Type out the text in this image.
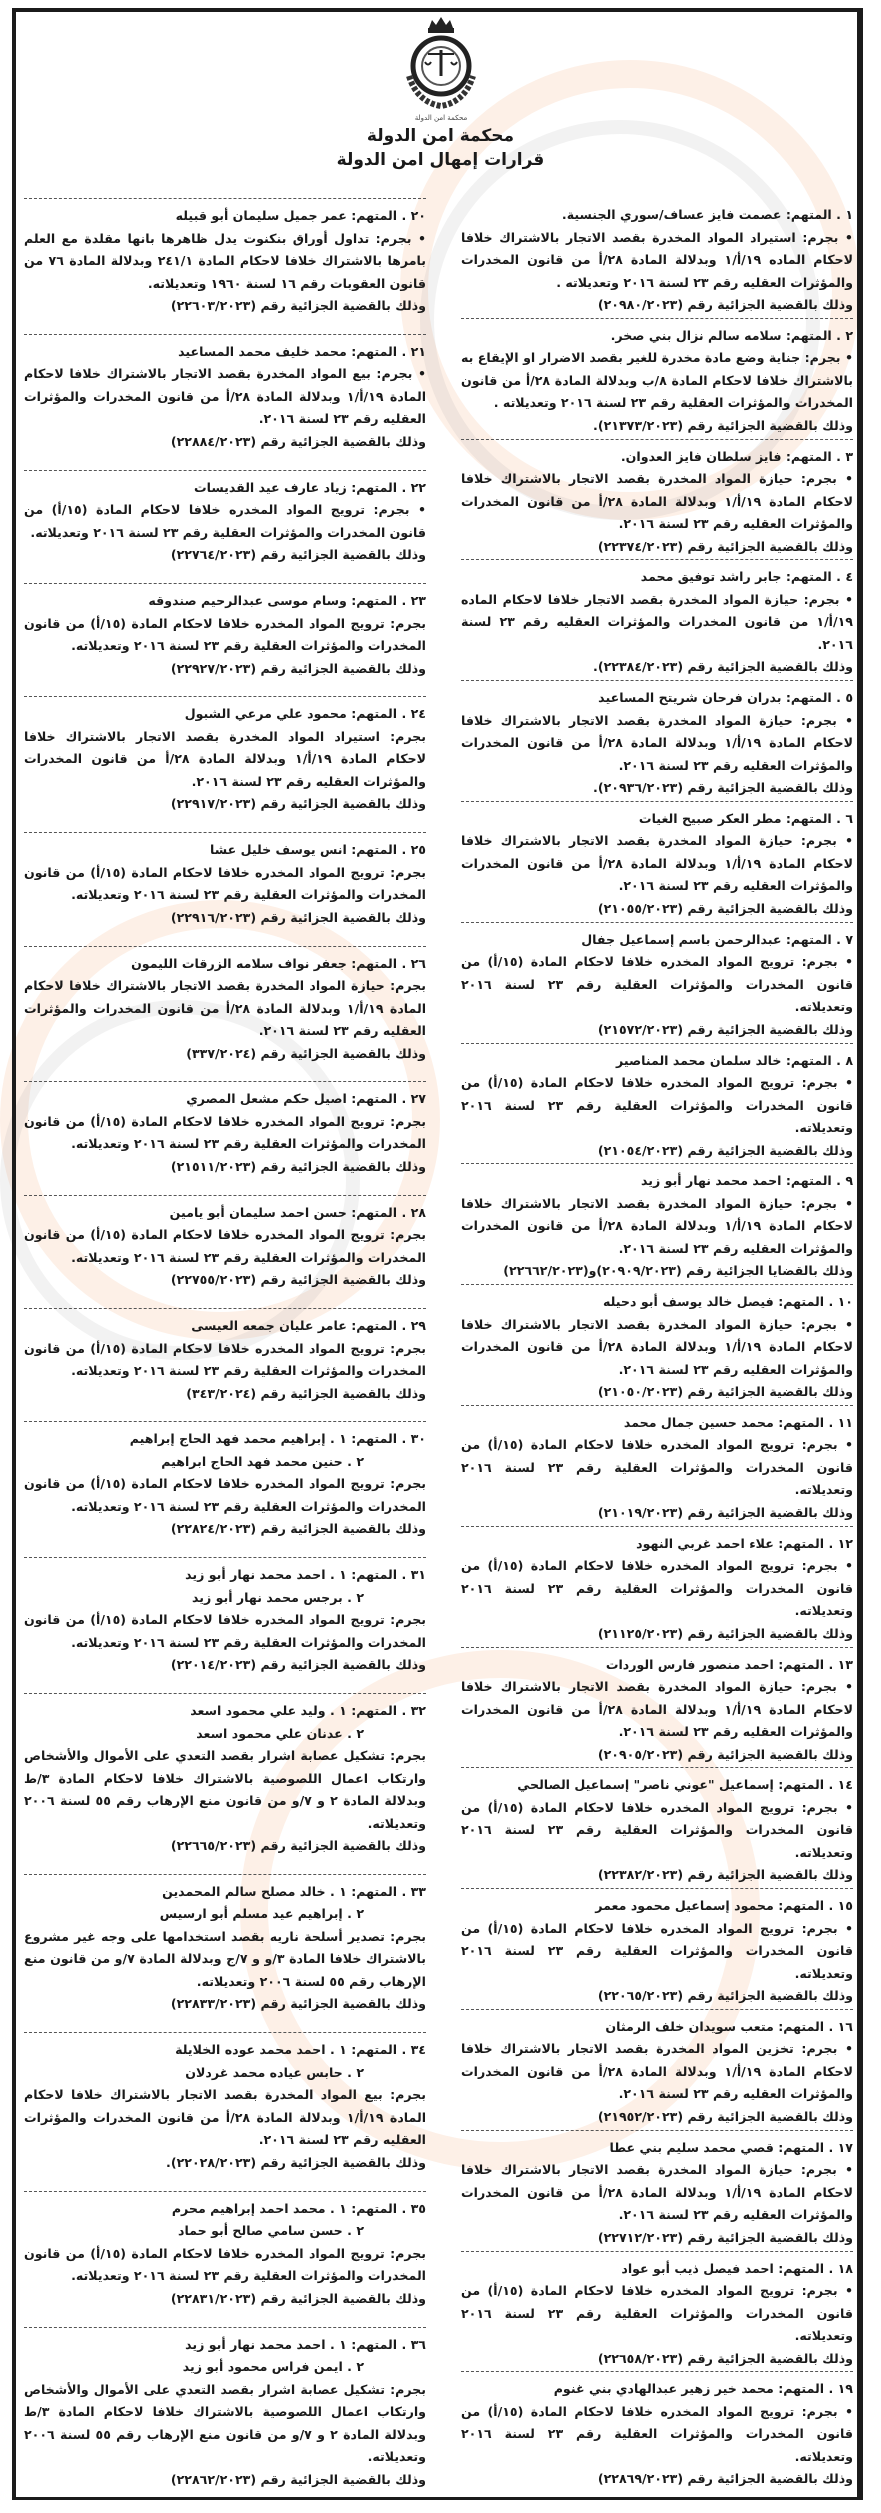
محكمة امن الدولة
محكمة امن الدولة
قرارات إمهال امن الدولة
١ . المتهم: عصمت فايز عساف/سوري الجنسية.
• بجرم: استيراد المواد المخدرة بقصد الاتجار بالاشتراك خلافا لاحكام الماده ١٩/أ/١ وبدلالة المادة ٢٨/أ من قانون المخدرات والمؤثرات العقليه رقم ٢٣ لسنة ٢٠١٦ وتعديلاته .
وذلك بالقضية الجزائية رقم (٢٠٩٨٠/٢٠٢٣)
٢ . المتهم: سلامه سالم نزال بني صخر.
• بجرم: جناية وضع مادة مخدرة للغير بقصد الاضرار او الإيقاع به بالاشتراك خلافا لاحكام المادة ٨/ب وبدلالة المادة ٢٨/أ من قانون المخدرات والمؤثرات العقلية رقم ٢٣ لسنة ٢٠١٦ وتعديلاته .
وذلك بالقضية الجزائية رقم (٢١٣٧٣/٢٠٢٣).
٣ . المتهم: فايز سلطان فايز العدوان.
• بجرم: حيازة المواد المخدرة بقصد الاتجار بالاشتراك خلافا لاحكام المادة ١٩/أ/١ وبدلالة المادة ٢٨/أ من قانون المخدرات والمؤثرات العقليه رقم ٢٣ لسنة ٢٠١٦.
وذلك بالقضية الجزائية رقم (٢٢٣٧٤/٢٠٢٣)
٤ . المتهم: جابر راشد توفيق محمد
• بجرم: حيازة المواد المخدرة بقصد الاتجار خلافا لاحكام الماده ١٩/أ/١ من قانون المخدرات والمؤثرات العقليه رقم ٢٣ لسنة ٢٠١٦.
وذلك بالقضية الجزائية رقم (٢٢٣٨٤/٢٠٢٣).
٥ . المتهم: بدران فرحان شريتح المساعيد
• بجرم: حيازة المواد المخدرة بقصد الاتجار بالاشتراك خلافا لاحكام المادة ١٩/أ/١ وبدلالة المادة ٢٨/أ من قانون المخدرات والمؤثرات العقليه رقم ٢٣ لسنة ٢٠١٦.
وذلك بالقضية الجزائية رقم (٢٠٩٣٦/٢٠٢٣).
٦ . المتهم: مطر العكر صبيح الغيات
• بجرم: حيازة المواد المخدرة بقصد الاتجار بالاشتراك خلافا لاحكام المادة ١٩/أ/١ وبدلالة المادة ٢٨/أ من قانون المخدرات والمؤثرات العقليه رقم ٢٣ لسنة ٢٠١٦.
وذلك بالقضية الجزائية رقم (٢١٠٥٥/٢٠٢٣)
٧ . المتهم: عبدالرحمن باسم إسماعيل جفال
• بجرم: ترويج المواد المخدره خلافا لاحكام المادة (١٥/أ) من قانون المخدرات والمؤثرات العقلية رقم ٢٣ لسنة ٢٠١٦ وتعديلاته.
وذلك بالقضية الجزائية رقم (٢١٥٧٢/٢٠٢٣)
٨ . المتهم: خالد سلمان محمد المناصير
• بجرم: ترويج المواد المخدره خلافا لاحكام المادة (١٥/أ) من قانون المخدرات والمؤثرات العقلية رقم ٢٣ لسنة ٢٠١٦ وتعديلاته.
وذلك بالقضية الجزائية رقم (٢١٠٥٤/٢٠٢٣)
٩ . المتهم: احمد محمد نهار أبو زيد
• بجرم: حيازة المواد المخدرة بقصد الاتجار بالاشتراك خلافا لاحكام المادة ١٩/أ/١ وبدلالة المادة ٢٨/أ من قانون المخدرات والمؤثرات العقليه رقم ٢٣ لسنة ٢٠١٦.
وذلك بالقضايا الجزائية رقم (٢٠٩٠٩/٢٠٢٣)و(٢٢٦٦٢/٢٠٢٣)
١٠ . المتهم: فيصل خالد يوسف أبو دحيله
• بجرم: حيازة المواد المخدرة بقصد الاتجار بالاشتراك خلافا لاحكام المادة ١٩/أ/١ وبدلالة المادة ٢٨/أ من قانون المخدرات والمؤثرات العقليه رقم ٢٣ لسنة ٢٠١٦.
وذلك بالقضية الجزائية رقم (٢١٠٥٠/٢٠٢٣)
١١ . المتهم: محمد حسين جمال محمد
• بجرم: ترويج المواد المخدره خلافا لاحكام المادة (١٥/أ) من قانون المخدرات والمؤثرات العقلية رقم ٢٣ لسنة ٢٠١٦ وتعديلاته.
وذلك بالقضية الجزائية رقم (٢١٠١٩/٢٠٢٣)
١٢ . المتهم: علاء احمد غربي النهود
• بجرم: ترويج المواد المخدره خلافا لاحكام المادة (١٥/أ) من قانون المخدرات والمؤثرات العقلية رقم ٢٣ لسنة ٢٠١٦ وتعديلاته.
وذلك بالقضية الجزائية رقم (٢١١٢٥/٢٠٢٣)
١٣ . المتهم: احمد منصور فارس الوردات
• بجرم: حيازة المواد المخدرة بقصد الاتجار بالاشتراك خلافا لاحكام المادة ١٩/أ/١ وبدلالة المادة ٢٨/أ من قانون المخدرات والمؤثرات العقليه رقم ٢٣ لسنة ٢٠١٦.
وذلك بالقضية الجزائية رقم (٢٠٩٠٥/٢٠٢٣)
١٤ . المتهم: إسماعيل "عوني ناصر" إسماعيل الصالحي
• بجرم: ترويج المواد المخدره خلافا لاحكام المادة (١٥/أ) من قانون المخدرات والمؤثرات العقلية رقم ٢٣ لسنة ٢٠١٦ وتعديلاته.
وذلك بالقضية الجزائية رقم (٢٢٣٨٢/٢٠٢٣)
١٥ . المتهم: محمود إسماعيل محمود معمر
• بجرم: ترويج المواد المخدره خلافا لاحكام المادة (١٥/أ) من قانون المخدرات والمؤثرات العقلية رقم ٢٣ لسنة ٢٠١٦ وتعديلاته.
وذلك بالقضية الجزائية رقم (٢٢٠٦٥/٢٠٢٣)
١٦ . المتهم: متعب سويدان خلف الرمثان
• بجرم: تخزين المواد المخدرة بقصد الاتجار بالاشتراك خلافا لاحكام المادة ١٩/أ/١ وبدلالة المادة ٢٨/أ من قانون المخدرات والمؤثرات العقليه رقم ٢٣ لسنة ٢٠١٦.
وذلك بالقضية الجزائية رقم (٢١٩٥٢/٢٠٢٣)
١٧ . المتهم: قصي محمد سليم بني عطا
• بجرم: حيازة المواد المخدرة بقصد الاتجار بالاشتراك خلافا لاحكام المادة ١٩/أ/١ وبدلالة المادة ٢٨/أ من قانون المخدرات والمؤثرات العقليه رقم ٢٣ لسنة ٢٠١٦.
وذلك بالقضية الجزائية رقم (٢٢٧١٢/٢٠٢٣)
١٨ . المتهم: احمد فيصل ذيب أبو عواد
• بجرم: ترويج المواد المخدره خلافا لاحكام المادة (١٥/أ) من قانون المخدرات والمؤثرات العقلية رقم ٢٣ لسنة ٢٠١٦ وتعديلاته.
وذلك بالقضية الجزائية رقم (٢٢٦٥٨/٢٠٢٣)
١٩ . المتهم: محمد خير زهير عبدالهادي بني غنوم
• بجرم: ترويج المواد المخدره خلافا لاحكام المادة (١٥/أ) من قانون المخدرات والمؤثرات العقلية رقم ٢٣ لسنة ٢٠١٦ وتعديلاته.
وذلك بالقضية الجزائية رقم (٢٢٨٦٩/٢٠٢٣)
٢٠ . المتهم: عمر جميل سليمان أبو قبيله
• بجرم: تداول أوراق بنكنوت يدل ظاهرها بانها مقلدة مع العلم بامرها بالاشتراك خلافا لاحكام المادة ٢٤١/١ وبدلالة المادة ٧٦ من قانون العقوبات رقم ١٦ لسنة ١٩٦٠ وتعديلاته.
وذلك بالقضية الجزائية رقم (٢٢٦٠٣/٢٠٢٣)
٢١ . المتهم: محمد خليف محمد المساعيد
• بجرم: بيع المواد المخدرة بقصد الاتجار بالاشتراك خلافا لاحكام المادة ١٩/أ/١ وبدلالة المادة ٢٨/أ من قانون المخدرات والمؤثرات العقليه رقم ٢٣ لسنة ٢٠١٦.
وذلك بالقضية الجزائية رقم (٢٢٨٨٤/٢٠٢٣)
٢٢ . المتهم: زياد عارف عيد القديسات
• بجرم: ترويج المواد المخدره خلافا لاحكام المادة (١٥/أ) من قانون المخدرات والمؤثرات العقلية رقم ٢٣ لسنة ٢٠١٦ وتعديلاته.
وذلك بالقضية الجزائية رقم (٢٢٧٦٤/٢٠٢٣)
٢٣ . المتهم: وسام موسى عبدالرحيم صندوقه
بجرم: ترويج المواد المخدره خلافا لاحكام المادة (١٥/أ) من قانون المخدرات والمؤثرات العقلية رقم ٢٣ لسنة ٢٠١٦ وتعديلاته.
وذلك بالقضية الجزائية رقم (٢٢٩٢٧/٢٠٢٣)
٢٤ . المتهم: محمود علي مرعي الشبول
بجرم: استيراد المواد المخدرة بقصد الاتجار بالاشتراك خلافا لاحكام المادة ١٩/أ/١ وبدلالة المادة ٢٨/أ من قانون المخدرات والمؤثرات العقليه رقم ٢٣ لسنة ٢٠١٦.
وذلك بالقضية الجزائية رقم (٢٢٩١٧/٢٠٢٣)
٢٥ . المتهم: انس يوسف خليل عشا
بجرم: ترويج المواد المخدره خلافا لاحكام المادة (١٥/أ) من قانون المخدرات والمؤثرات العقلية رقم ٢٣ لسنة ٢٠١٦ وتعديلاته.
وذلك بالقضية الجزائية رقم (٢٢٩١٦/٢٠٢٣)
٢٦ . المتهم: جعفر نواف سلامه الزرقات الليمون
بجرم: حيازة المواد المخدرة بقصد الاتجار بالاشتراك خلافا لاحكام المادة ١٩/أ/١ وبدلالة المادة ٢٨/أ من قانون المخدرات والمؤثرات العقليه رقم ٢٣ لسنة ٢٠١٦.
وذلك بالقضية الجزائية رقم (٣٣٧/٢٠٢٤)
٢٧ . المتهم: اصيل حكم مشعل المصري
بجرم: ترويج المواد المخدره خلافا لاحكام المادة (١٥/أ) من قانون المخدرات والمؤثرات العقلية رقم ٢٣ لسنة ٢٠١٦ وتعديلاته.
وذلك بالقضية الجزائية رقم (٢١٥١١/٢٠٢٣)
٢٨ . المتهم: حسن احمد سليمان أبو يامين
بجرم: ترويج المواد المخدره خلافا لاحكام المادة (١٥/أ) من قانون المخدرات والمؤثرات العقلية رقم ٢٣ لسنة ٢٠١٦ وتعديلاته.
وذلك بالقضية الجزائية رقم (٢٢٧٥٥/٢٠٢٣)
٢٩ . المتهم: عامر عليان جمعه العيسى
بجرم: ترويج المواد المخدره خلافا لاحكام المادة (١٥/أ) من قانون المخدرات والمؤثرات العقلية رقم ٢٣ لسنة ٢٠١٦ وتعديلاته.
وذلك بالقضية الجزائية رقم (٣٤٣/٢٠٢٤)
٣٠ . المتهم: ١ . إبراهيم محمد فهد الحاج إبراهيم
٢ . حنين محمد فهد الحاج ابراهيم
بجرم: ترويج المواد المخدره خلافا لاحكام المادة (١٥/أ) من قانون المخدرات والمؤثرات العقلية رقم ٢٣ لسنة ٢٠١٦ وتعديلاته.
وذلك بالقضية الجزائية رقم (٢٢٨٢٤/٢٠٢٣)
٣١ . المتهم: ١ . احمد محمد نهار أبو زيد
٢ . برجس محمد نهار أبو زيد
بجرم: ترويج المواد المخدره خلافا لاحكام المادة (١٥/أ) من قانون المخدرات والمؤثرات العقلية رقم ٢٣ لسنة ٢٠١٦ وتعديلاته.
وذلك بالقضية الجزائية رقم (٢٢٠١٤/٢٠٢٣)
٣٢ . المتهم: ١ . وليد علي محمود اسعد
٢ . عدنان علي محمود اسعد
بجرم: تشكيل عصابة اشرار بقصد التعدي على الأموال والأشخاص وارتكاب اعمال اللصوصية بالاشتراك خلافا لاحكام المادة ٣/ط وبدلالة المادة ٢ و ٧/و من قانون منع الإرهاب رقم ٥٥ لسنة ٢٠٠٦ وتعديلاته.
وذلك بالقضية الجزائية رقم (٢٢٦٦٥/٢٠٢٣)
٣٣ . المتهم: ١ . خالد مصلح سالم المحمدين
٢ . إبراهيم عيد مسلم أبو ارسيس
بجرم: تصدير أسلحة ناريه بقصد استخدامها على وجه غير مشروع بالاشتراك خلافا المادة ٣/و و ٧/ج وبدلالة المادة ٧/و من قانون منع الإرهاب رقم ٥٥ لسنة ٢٠٠٦ وتعديلاته.
وذلك بالقضية الجزائية رقم (٢٢٨٣٣/٢٠٢٣)
٣٤ . المتهم: ١ . احمد محمد عوده الخلايلة
٢ . حابس عياده محمد غردلان
بجرم: بيع المواد المخدرة بقصد الاتجار بالاشتراك خلافا لاحكام المادة ١٩/أ/١ وبدلالة المادة ٢٨/أ من قانون المخدرات والمؤثرات العقليه رقم ٢٣ لسنة ٢٠١٦.
وذلك بالقضية الجزائية رقم (٢٢٠٢٨/٢٠٢٣).
٣٥ . المتهم: ١ . محمد احمد إبراهيم محرم
٢ . حسن سامي صالح أبو حماد
بجرم: ترويج المواد المخدره خلافا لاحكام المادة (١٥/أ) من قانون المخدرات والمؤثرات العقلية رقم ٢٣ لسنة ٢٠١٦ وتعديلاته.
وذلك بالقضية الجزائية رقم (٢٢٨٣١/٢٠٢٣)
٣٦ . المتهم: ١ . احمد محمد نهار أبو زيد
٢ . ايمن فراس محمود أبو زيد
بجرم: تشكيل عصابة اشرار بقصد التعدي على الأموال والأشخاص وارتكاب اعمال اللصوصية بالاشتراك خلافا لاحكام المادة ٣/ط وبدلالة المادة ٢ و ٧/و من قانون منع الإرهاب رقم ٥٥ لسنة ٢٠٠٦ وتعديلاته.
وذلك بالقضية الجزائية رقم (٢٢٨٦٢/٢٠٢٣)
